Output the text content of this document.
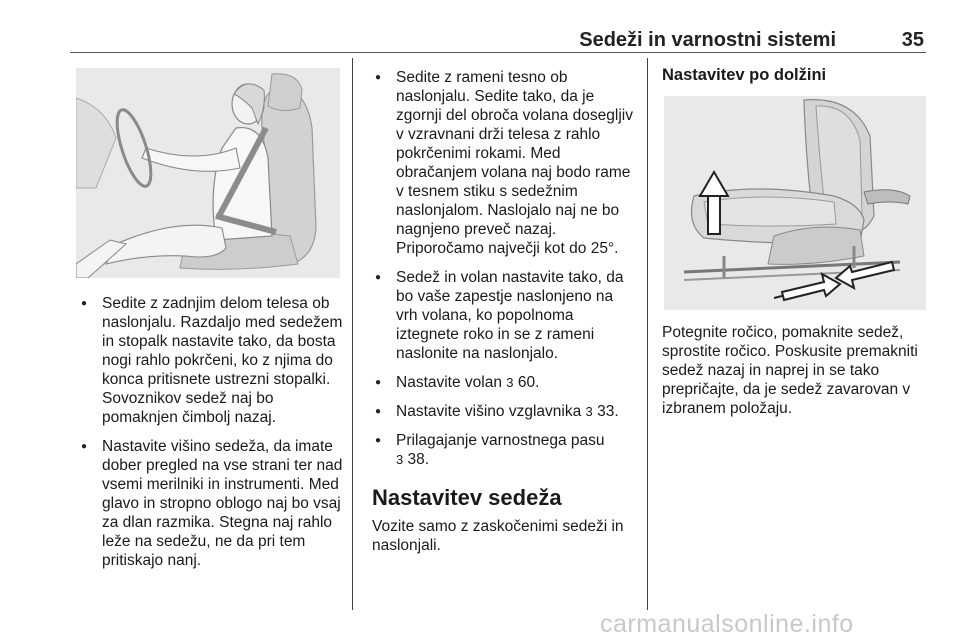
Sedeži in varnostni sistemi	35
● Sedite z zadnjim delom telesa ob naslonjalu. Razdaljo med sedežem in stopalk nastavite tako, da bosta nogi rahlo pokrčeni, ko z njima do konca pritisnete ustrezni stopalki. Sovoznikov sedež naj bo pomaknjen čimbolj nazaj.
● Nastavite višino sedeža, da imate dober pregled na vse strani ter nad vsemi merilniki in instrumenti. Med glavo in stropno oblogo naj bo vsaj za dlan razmika. Stegna naj rahlo leže na sedežu, ne da pri tem pritiskajo nanj.
● Sedite z rameni tesno ob naslonjalu. Sedite tako, da je zgornji del obroča volana dosegljiv v vzravnani drži telesa z rahlo pokrčenimi rokami. Med obračanjem volana naj bodo rame v tesnem stiku s sedežnim naslonjalom. Naslojalo naj ne bo nagnjeno preveč nazaj. Priporočamo največji kot do 25°.
● Sedež in volan nastavite tako, da bo vaše zapestje naslonjeno na vrh volana, ko popolnoma iztegnete roko in se z rameni naslonite na naslonjalo.
● Nastavite volan 3 60.
● Nastavite višino vzglavnika 3 33.
● Prilagajanje varnostnega pasu
3 38.
Nastavitev sedeža

Vozite samo z zaskočenimi sedeži in naslonjali.

Nastavitev po dolžini

Potegnite ročico, pomaknite sedež, sprostite ročico. Poskusite premakniti sedež nazaj in naprej in se tako prepričajte, da je sedež zavarovan v izbranem položaju.

carmanualsonline.info
